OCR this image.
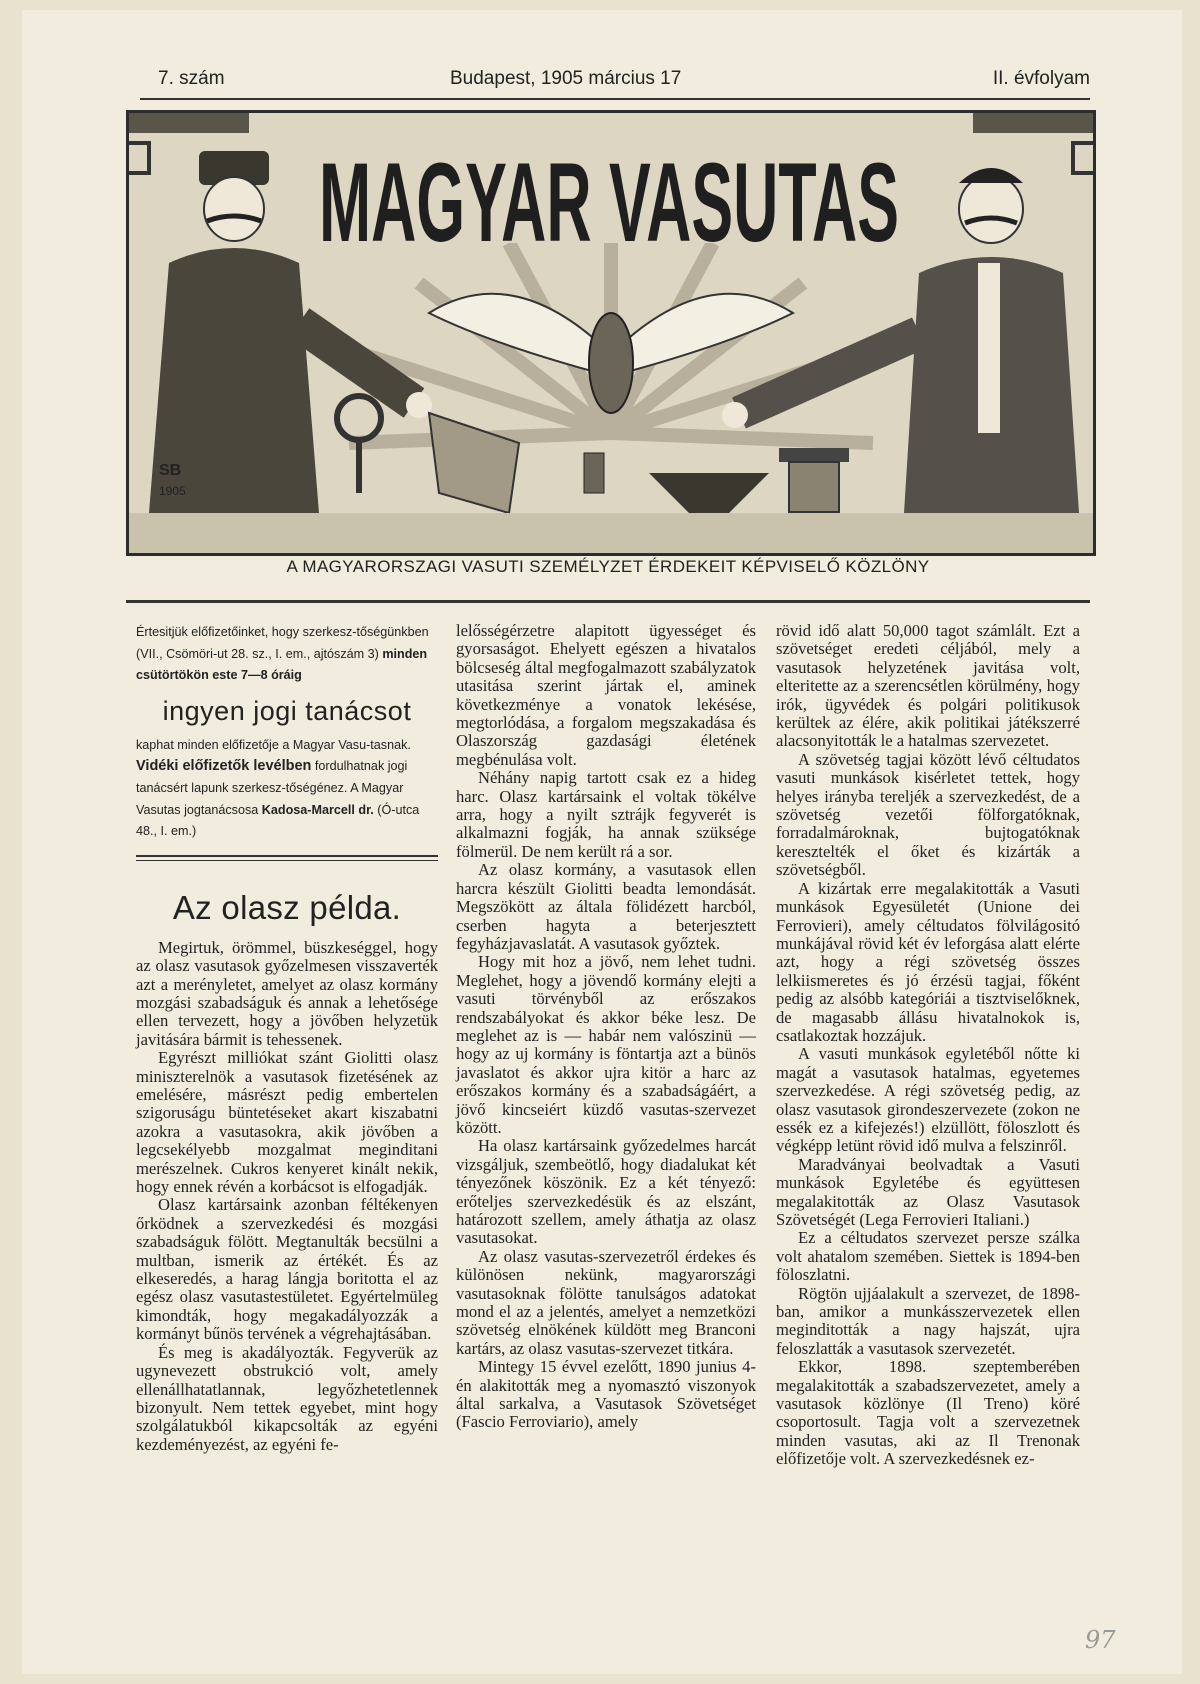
7. szám	Budapest, 1905 március 17	II. évfolyam
MAGYAR VASUTAS
SB
1905
A MAGYARORSZAGI VASUTI SZEMÉLYZET ÉRDEKEIT KÉPVISELŐ KÖZLÖNY
Értesitjük előfizetőinket, hogy szerkesz-tőségünkben (VII., Csömöri-ut 28. sz., I. em., ajtószám 3) minden csütörtökön este 7—8 óráig
ingyen jogi tanácsot
kaphat minden előfizetője a Magyar Vasu-tasnak.
Vidéki előfizetők levélben fordulhatnak jogi tanácsért lapunk szerkesz-tőségénez. A Magyar Vasutas jogtanácsosa Kadosa-Marcell dr. (Ó-utca 48., I. em.)
Az olasz példa.

Megirtuk, örömmel, büszkeséggel, hogy az olasz vasutasok győzelmesen visszaverték azt a merényletet, amelyet az olasz kormány mozgási szabadságuk és annak a lehetősége ellen tervezett, hogy a jövőben helyzetük javitására bármit is tehessenek.

Egyrészt milliókat szánt Giolitti olasz miniszterelnök a vasutasok fizetésének az emelésére, másrészt pedig embertelen szigoruságu büntetéseket akart kiszabatni azokra a vasutasokra, akik jövőben a legcsekélyebb mozgalmat meginditani merészelnek. Cukros kenyeret kinált nekik, hogy ennek révén a korbácsot is elfogadják.

Olasz kartársaink azonban féltékenyen őrködnek a szervezkedési és mozgási szabadságuk fölött. Megtanulták becsülni a multban, ismerik az értékét. És az elkeseredés, a harag lángja boritotta el az egész olasz vasutastestületet. Egyértelmüleg kimondták, hogy megakadályozzák a kormányt bűnös tervének a végrehajtásában.

És meg is akadályozták. Fegyverük az ugynevezett obstrukció volt, amely ellenállhatatlannak, legyőzhetetlennek bizonyult. Nem tettek egyebet, mint hogy szolgálatukból kikapcsolták az egyéni kezdeményezést, az egyéni fe-

lelősségérzetre alapitott ügyességet és gyorsaságot. Ehelyett egészen a hivatalos bölcseség által megfogalmazott szabályzatok utasitása szerint jártak el, aminek következménye a vonatok lekésése, megtorlódása, a forgalom megszakadása és Olaszország gazdasági életének megbénulása volt.

Néhány napig tartott csak ez a hideg harc. Olasz kartársaink el voltak tökélve arra, hogy a nyilt sztrájk fegyverét is alkalmazni fogják, ha annak szüksége fölmerül. De nem került rá a sor.

Az olasz kormány, a vasutasok ellen harcra készült Giolitti beadta lemondását. Megszökött az általa fölidézett harcból, cserben hagyta a beterjesztett fegyházjavaslatát. A vasutasok győztek.

Hogy mit hoz a jövő, nem lehet tudni. Meglehet, hogy a jövendő kormány elejti a vasuti törvényből az erőszakos rendszabályokat és akkor béke lesz. De meglehet az is — habár nem valószinü — hogy az uj kormány is föntartja azt a bünös javaslatot és akkor ujra kitör a harc az erőszakos kormány és a szabadságáért, a jövő kincseiért küzdő vasutas-szervezet között.

Ha olasz kartársaink győzedelmes harcát vizsgáljuk, szembeötlő, hogy diadalukat két tényezőnek köszönik. Ez a két tényező: erőteljes szervezkedésük és az elszánt, határozott szellem, amely áthatja az olasz vasutasokat.

Az olasz vasutas-szervezetről érdekes és különösen nekünk, magyarországi vasutasoknak fölötte tanulságos adatokat mond el az a jelentés, amelyet a nemzetközi szövetség elnökének küldött meg Branconi kartárs, az olasz vasutas-szervezet titkára.

Mintegy 15 évvel ezelőtt, 1890 junius 4-én alakitották meg a nyomasztó viszonyok által sarkalva, a Vasutasok Szövetséget (Fascio Ferroviario), amely

rövid idő alatt 50,000 tagot számlált. Ezt a szövetséget eredeti céljából, mely a vasutasok helyzetének javitása volt, elteritette az a szerencsétlen körülmény, hogy irók, ügyvédek és polgári politikusok kerültek az élére, akik politikai játékszerré alacsonyitották le a hatalmas szervezetet.

A szövetség tagjai között lévő céltudatos vasuti munkások kisérletet tettek, hogy helyes irányba tereljék a szervezkedést, de a szövetség vezetői fölforgatóknak, forradalmároknak, bujtogatóknak keresztelték el őket és kizárták a szövetségből.

A kizártak erre megalakitották a Vasuti munkások Egyesületét (Unione dei Ferrovieri), amely céltudatos fölvilágositó munkájával rövid két év leforgása alatt elérte azt, hogy a régi szövetség összes lelkiismeretes és jó érzésü tagjai, főként pedig az alsóbb kategóriái a tisztviselőknek, de magasabb állásu hivatalnokok is, csatlakoztak hozzájuk.

A vasuti munkások egyletéből nőtte ki magát a vasutasok hatalmas, egyetemes szervezkedése. A régi szövetség pedig, az olasz vasutasok girondeszervezete (zokon ne essék ez a kifejezés!) elzüllött, föloszlott és végképp letünt rövid idő mulva a felszinről.

Maradványai beolvadtak a Vasuti munkások Egyletébe és együttesen megalakitották az Olasz Vasutasok Szövetségét (Lega Ferrovieri Italiani.)

Ez a céltudatos szervezet persze szálka volt ahatalom szemében. Siettek is 1894-ben föloszlatni.

Rögtön ujjáalakult a szervezet, de 1898-ban, amikor a munkásszervezetek ellen meginditották a nagy hajszát, ujra feloszlatták a vasutasok szervezetét.

Ekkor, 1898. szeptemberében megalakitották a szabadszervezetet, amely a vasutasok közlönye (Il Treno) köré csoportosult. Tagja volt a szervezetnek minden vasutas, aki az Il Trenonak előfizetője volt. A szervezkedésnek ez-

97
